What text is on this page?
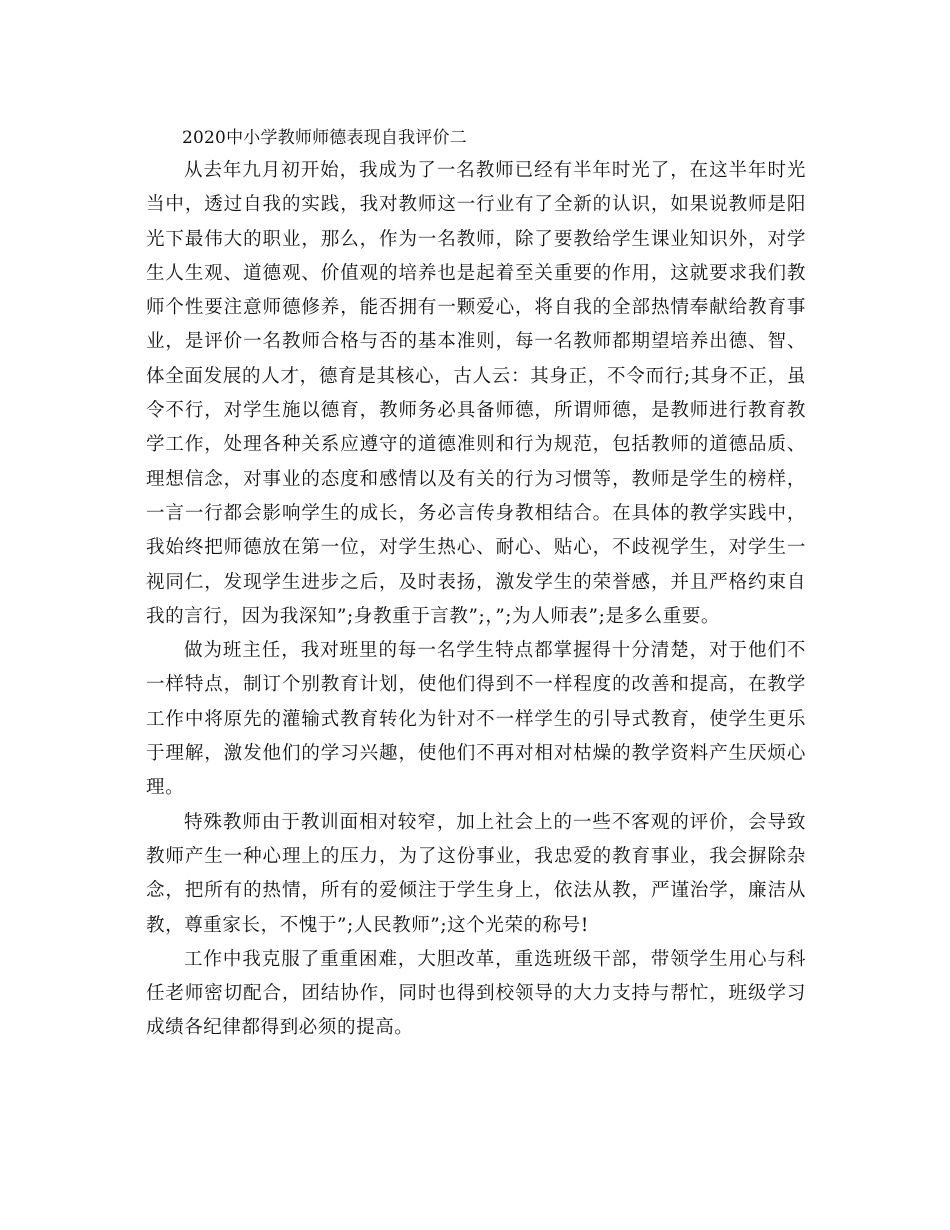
2020中小学教师师德表现自我评价二

从去年九月初开始，我成为了一名教师已经有半年时光了，在这半年时光当中，透过自我的实践，我对教师这一行业有了全新的认识，如果说教师是阳光下最伟大的职业，那么，作为一名教师，除了要教给学生课业知识外，对学生人生观、道德观、价值观的培养也是起着至关重要的作用，这就要求我们教师个性要注意师德修养，能否拥有一颗爱心，将自我的全部热情奉献给教育事业，是评价一名教师合格与否的基本准则，每一名教师都期望培养出德、智、体全面发展的人才，德育是其核心，古人云：其身正，不令而行;其身不正，虽令不行，对学生施以德育，教师务必具备师德，所谓师德，是教师进行教育教学工作，处理各种关系应遵守的道德准则和行为规范，包括教师的道德品质、理想信念，对事业的态度和感情以及有关的行为习惯等，教师是学生的榜样，一言一行都会影响学生的成长，务必言传身教相结合。在具体的教学实践中，我始终把师德放在第一位，对学生热心、耐心、贴心，不歧视学生，对学生一视同仁，发现学生进步之后，及时表扬，激发学生的荣誉感，并且严格约束自我的言行，因为我深知”;身教重于言教”;，”;为人师表”;是多么重要。

做为班主任，我对班里的每一名学生特点都掌握得十分清楚，对于他们不一样特点，制订个别教育计划，使他们得到不一样程度的改善和提高，在教学工作中将原先的灌输式教育转化为针对不一样学生的引导式教育，使学生更乐于理解，激发他们的学习兴趣，使他们不再对相对枯燥的教学资料产生厌烦心理。

特殊教师由于教训面相对较窄，加上社会上的一些不客观的评价，会导致教师产生一种心理上的压力，为了这份事业，我忠爱的教育事业，我会摒除杂念，把所有的热情，所有的爱倾注于学生身上，依法从教，严谨治学，廉洁从教，尊重家长，不愧于”;人民教师”;这个光荣的称号!

工作中我克服了重重困难，大胆改革，重选班级干部，带领学生用心与科任老师密切配合，团结协作，同时也得到校领导的大力支持与帮忙，班级学习成绩各纪律都得到必须的提高。
